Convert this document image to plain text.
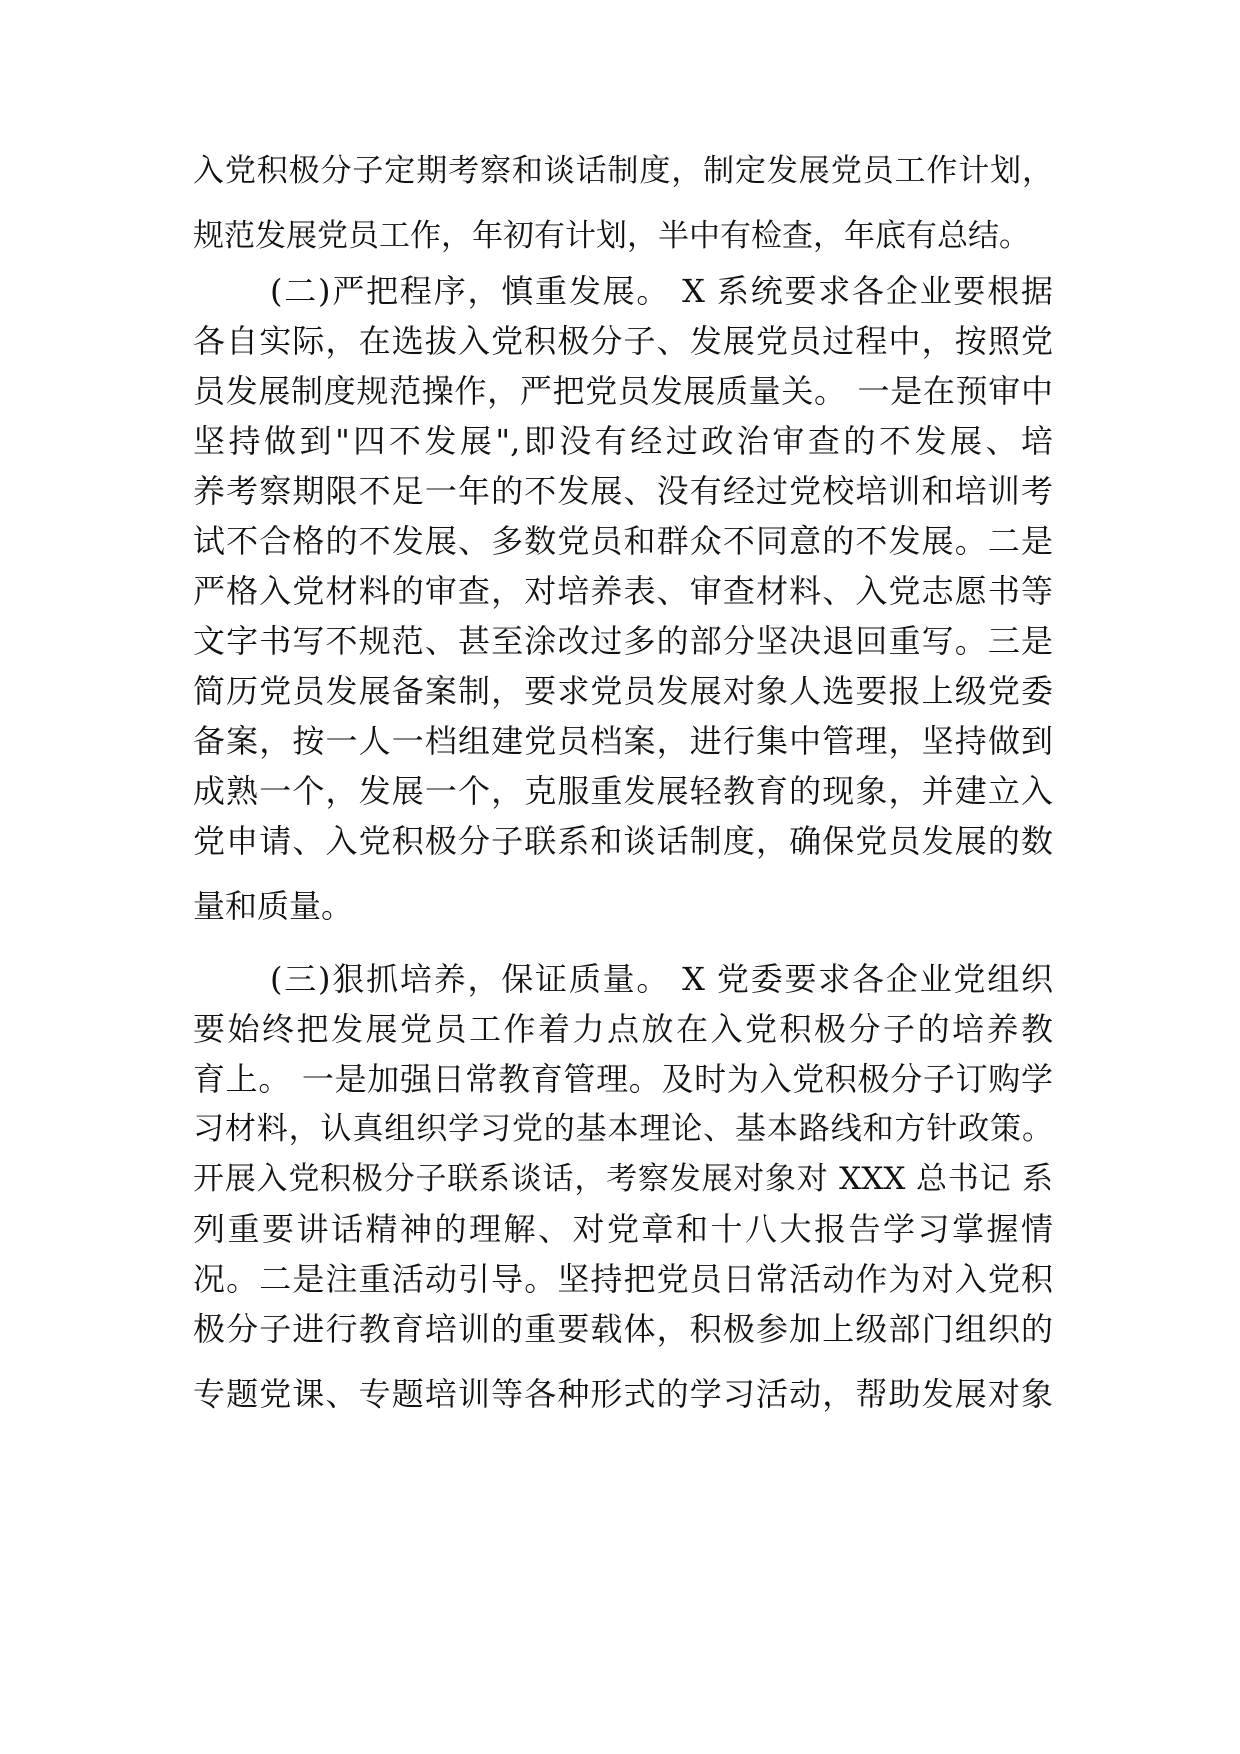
入党积极分子定期考察和谈话制度，制定发展党员工作计划，
规范发展党员工作，年初有计划，半中有检查，年底有总结。
(二)严把程序，慎重发展。 X 系统要求各企业要根据
各自实际，在选拔入党积极分子、发展党员过程中，按照党
员发展制度规范操作，严把党员发展质量关。 一是在预审中
坚持做到"四不发展",即没有经过政治审查的不发展、培
养考察期限不足一年的不发展、没有经过党校培训和培训考
试不合格的不发展、多数党员和群众不同意的不发展。二是
严格入党材料的审查，对培养表、审查材料、入党志愿书等
文字书写不规范、甚至涂改过多的部分坚决退回重写。三是
简历党员发展备案制，要求党员发展对象人选要报上级党委
备案，按一人一档组建党员档案，进行集中管理，坚持做到
成熟一个，发展一个，克服重发展轻教育的现象，并建立入
党申请、入党积极分子联系和谈话制度，确保党员发展的数
量和质量。
(三)狠抓培养，保证质量。 X 党委要求各企业党组织
要始终把发展党员工作着力点放在入党积极分子的培养教
育上。 一是加强日常教育管理。及时为入党积极分子订购学
习材料，认真组织学习党的基本理论、基本路线和方针政策。
开展入党积极分子联系谈话，考察发展对象对 XXX 总书记 系
列重要讲话精神的理解、对党章和十八大报告学习掌握情
况。二是注重活动引导。坚持把党员日常活动作为对入党积
极分子进行教育培训的重要载体，积极参加上级部门组织的
专题党课、专题培训等各种形式的学习活动，帮助发展对象
